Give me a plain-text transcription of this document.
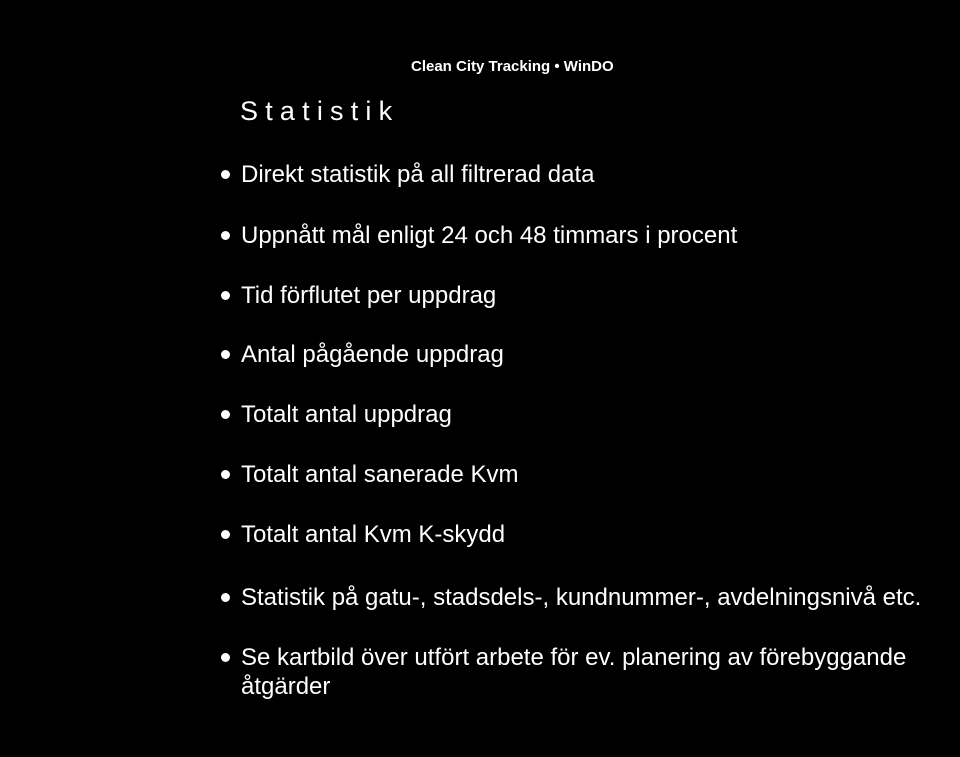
Clean City Tracking • WinDO
Statistik
Direkt statistik på all filtrerad data
Uppnått mål enligt 24 och 48 timmars i procent
Tid förflutet per uppdrag
Antal pågående uppdrag
Totalt antal uppdrag
Totalt antal sanerade Kvm
Totalt antal Kvm K-skydd
Statistik på gatu-, stadsdels-, kundnummer-, avdelningsnivå etc.
Se kartbild över utfört arbete för ev. planering av förebyggande åtgärder
